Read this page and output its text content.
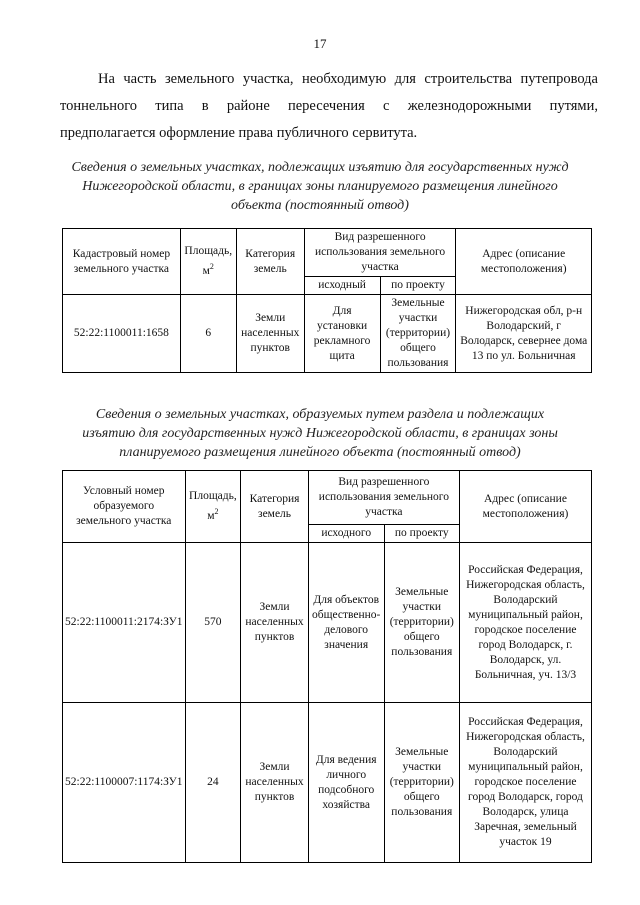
17
На часть земельного участка, необходимую для строительства путепровода
тоннельного типа в районе пересечения с железнодорожными путями,
предполагается оформление права публичного сервитута.
Сведения о земельных участках, подлежащих изъятию для государственных нужд
Нижегородской области, в границах зоны планируемого размещения линейного
объекта (постоянный отвод)
Кадастровый номер земельного участка	Площадь, $м^2$	Категория земель	Вид разрешенного использования земельного участка		Адрес (описание местоположения)
			исходный	по проекту	
52:22:1100011:1658	6	Земли населенных пунктов	Для установки рекламного щита	Земельные участки (территории) общего пользования	Нижегородская обл, р-н Володарский, г Володарск, севернее дома 13 по ул. Больничная
Сведения о земельных участках, образуемых путем раздела и подлежащих
изъятию для государственных нужд Нижегородской области, в границах зоны
планируемого размещения линейного объекта (постоянный отвод)
Условный номер образуемого земельного участка	Площадь, $м^2$	Категория земель	Вид разрешенного использования земельного участка		Адрес (описание местоположения)
			исходного	по проекту	
52:22:1100011:2174:ЗУ1	570	Земли населенных пунктов	Для объектов общественно-делового значения	Земельные участки (территории) общего пользования	Российская Федерация, Нижегородская область, Володарский муниципальный район, городское поселение город Володарск, г. Володарск, ул. Больничная, уч. 13/3
52:22:1100007:1174:ЗУ1	24	Земли населенных пунктов	Для ведения личного подсобного хозяйства	Земельные участки (территории) общего пользования	Российская Федерация, Нижегородская область, Володарский муниципальный район, городское поселение город Володарск, город Володарск, улица Заречная, земельный участок 19
